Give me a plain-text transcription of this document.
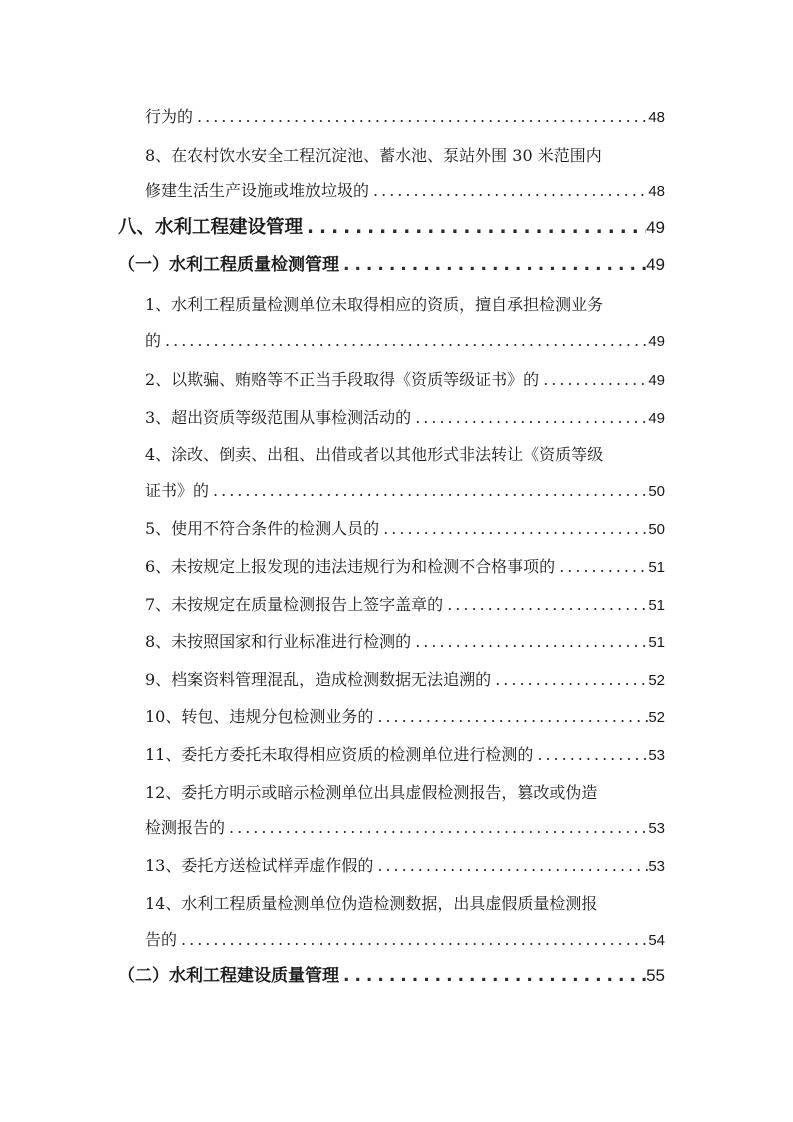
行为的 .....	48
8、在农村饮水安全工程沉淀池、蓄水池、泵站外围 30 米范围内
修建生活生产设施或堆放垃圾的 .....	48
八、水利工程建设管理 .....	49
（一）水利工程质量检测管理 .....	49
1、水利工程质量检测单位未取得相应的资质，擅自承担检测业务
的 .....	49
2、以欺骗、贿赂等不正当手段取得《资质等级证书》的 .....	49
3、超出资质等级范围从事检测活动的 .....	49
4、涂改、倒卖、出租、出借或者以其他形式非法转让《资质等级
证书》的 .....	50
5、使用不符合条件的检测人员的 .....	50
6、未按规定上报发现的违法违规行为和检测不合格事项的 .....	51
7、未按规定在质量检测报告上签字盖章的 .....	51
8、未按照国家和行业标准进行检测的 .....	51
9、档案资料管理混乱，造成检测数据无法追溯的 .....	52
10、转包、违规分包检测业务的 .....	52
11、委托方委托未取得相应资质的检测单位进行检测的 .....	53
12、委托方明示或暗示检测单位出具虚假检测报告，篡改或伪造
检测报告的 .....	53
13、委托方送检试样弄虚作假的 .....	53
14、水利工程质量检测单位伪造检测数据，出具虚假质量检测报
告的 .....	54
（二）水利工程建设质量管理 .....	55
